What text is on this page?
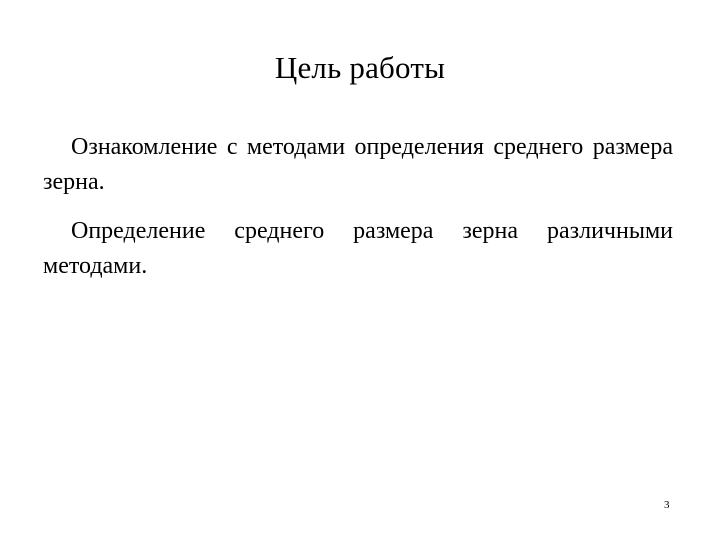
Цель работы

Ознакомление с методами определения среднего размера зерна.

Определение среднего размера зерна различными методами.

3
